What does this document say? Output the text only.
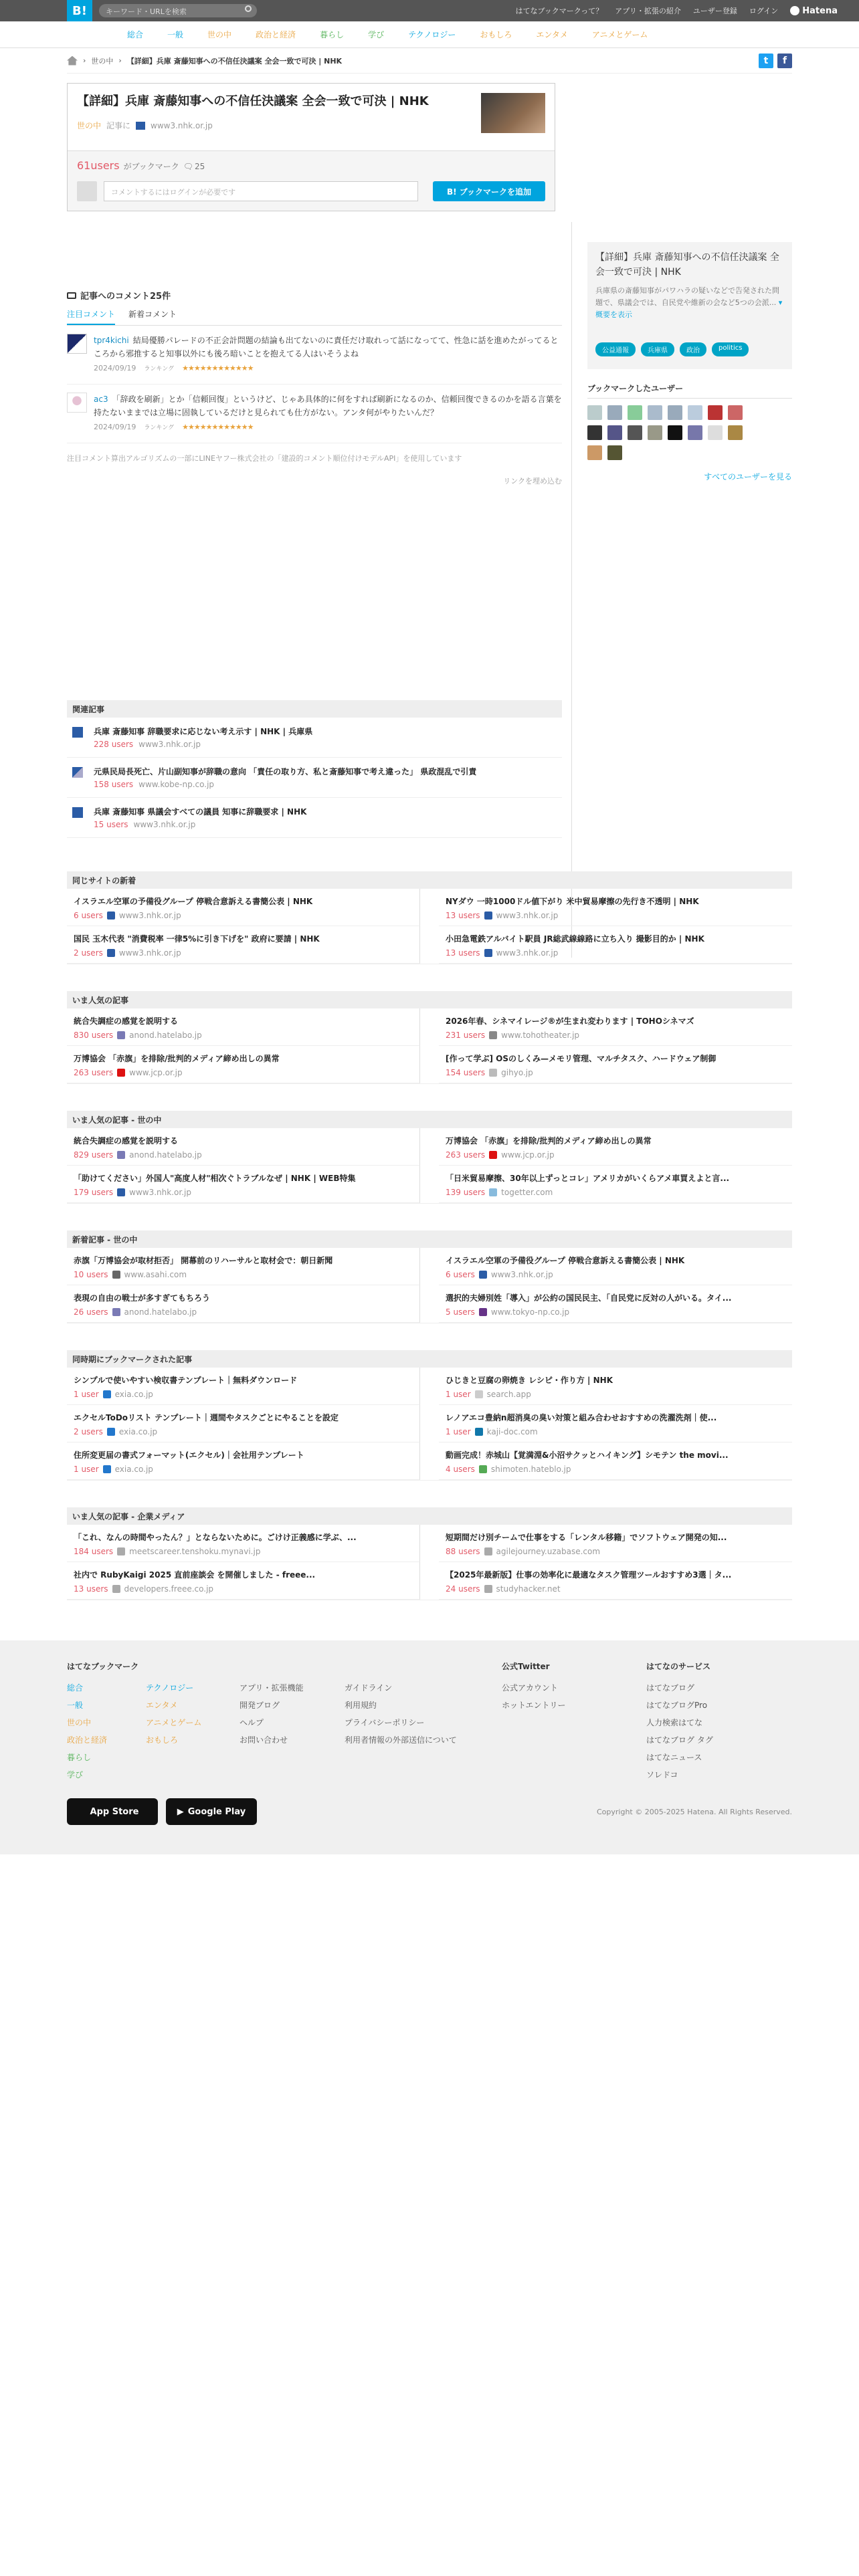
B!	キーワード・URLを検索	はてなブックマークって？ アプリ・拡張の紹介 ユーザー登録 ログイン	Hatena
総合	一般	世の中	政治と経済	暮らし	学び	テクノロジー	おもしろ	エンタメ	アニメとゲーム
› 世の中 › 【詳細】兵庫 斎藤知事への不信任決議案 全会一致で可決 | NHK	t	f
【詳細】兵庫 斎藤知事への不信任決議案 全会一致で可決 | NHK
世の中 記事に	www3.nhk.or.jp
61users がブックマーク 🗨 25
コメントするにはログインが必要です	B! ブックマークを追加
記事へのコメント25件
注目コメント 新着コメント
tpr4kichi 結局優勝パレードの不正会計問題の結論も出てないのに責任だけ取れって話になってて、性急に話を進めたがってるところから邪推すると知事以外にも後ろ暗いことを抱えてる人はいそうよね
2024/09/19 ランキング ★★★★★★★★★★★★
ac3 「辞政を刷新」とか「信頼回復」というけど、じゃあ具体的に何をすれば刷新になるのか、信頼回復できるのかを語る言葉を持たないままでは立場に固執しているだけと見られても仕方がない。アンタ何がやりたいんだ？
2024/09/19 ランキング ★★★★★★★★★★★★
注目コメント算出アルゴリズムの一部にLINEヤフー株式会社の「建設的コメント順位付けモデルAPI」を使用しています
リンクを埋め込む
関連記事
兵庫 斎藤知事 辞職要求に応じない考え示す | NHK | 兵庫県
228 users www3.nhk.or.jp
元県民局長死亡、片山副知事が辞職の意向 「責任の取り方、私と斎藤知事で考え違った」 県政混乱で引責
158 users www.kobe-np.co.jp
兵庫 斎藤知事 県議会すべての議員 知事に辞職要求 | NHK
15 users www3.nhk.or.jp
【詳細】兵庫 斎藤知事への不信任決議案 全会一致で可決 | NHK
兵庫県の斎藤知事がパワハラの疑いなどで告発された問題で、県議会では、自民党や維新の会など5つの会派... ▾ 概要を表示
公益通報	兵庫県	政治	politics
ブックマークしたユーザー
すべてのユーザーを見る
同じサイトの新着
イスラエル空軍の予備役グループ 停戦合意訴える書簡公表 | NHK
6 users www3.nhk.or.jp
NYダウ 一時1000ドル値下がり 米中貿易摩擦の先行き不透明 | NHK
13 users www3.nhk.or.jp
国民 玉木代表 "消費税率 一律5%に引き下げを" 政府に要請 | NHK
2 users www3.nhk.or.jp
小田急電鉄アルバイト駅員 JR総武線線路に立ち入り 撮影目的か | NHK
13 users www3.nhk.or.jp
いま人気の記事
統合失調症の感覚を説明する
830 users anond.hatelabo.jp
2026年春、シネマイレージ®が生まれ変わります | TOHOシネマズ
231 users www.tohotheater.jp
万博協会 「赤旗」を排除/批判的メディア締め出しの異常
263 users www.jcp.or.jp
[作って学ぶ] OSのしくみ—メモリ管理、マルチタスク、ハードウェア制御
154 users gihyo.jp
いま人気の記事 - 世の中
統合失調症の感覚を説明する
829 users anond.hatelabo.jp
万博協会 「赤旗」を排除/批判的メディア締め出しの異常
263 users www.jcp.or.jp
「助けてください」外国人"高度人材"相次ぐトラブルなぜ | NHK | WEB特集
179 users www3.nhk.or.jp
「日米貿易摩擦、30年以上ずっとコレ」アメリカがいくらアメ車買えよと言...
139 users togetter.com
新着記事 - 世の中
赤旗「万博協会が取材拒否」 開幕前のリハーサルと取材会で：朝日新聞
10 users www.asahi.com
イスラエル空軍の予備役グループ 停戦合意訴える書簡公表 | NHK
6 users www3.nhk.or.jp
表現の自由の戦士が多すぎてもちろう
26 users anond.hatelabo.jp
選択的夫婦別姓「導入」が公約の国民民主、「自民党に反対の人がいる。タイ...
5 users www.tokyo-np.co.jp
同時期にブックマークされた記事
シンプルで使いやすい検収書テンプレート｜無料ダウンロード
1 user exia.co.jp
ひじきと豆腐の卵焼き レシピ・作り方 | NHK
1 user search.app
エクセルToDoリスト テンプレート｜週間やタスクごとにやることを設定
2 users exia.co.jp
レノアエコ豊納n超消臭の臭い対策と組み合わせおすすめの洗濯洗剤｜使...
1 user kaji-doc.com
住所変更届の書式フォーマット(エクセル)｜会社用テンプレート
1 user exia.co.jp
動画完成！赤城山【覚満淵&小沼サクッとハイキング】シモテン the movi...
4 users shimoten.hateblo.jp
いま人気の記事 - 企業メディア
「これ、なんの時間やったん？」とならないために。ごけけ正義感に学ぶ、...
184 users meetscareer.tenshoku.mynavi.jp
短期間だけ別チームで仕事をする「レンタル移籍」でソフトウェア開発の知...
88 users agilejourney.uzabase.com
社内で RubyKaigi 2025 直前座談会 を開催しました - freee...
13 users developers.freee.co.jp
【2025年最新版】仕事の効率化に最適なタスク管理ツールおすすめ3選｜タ...
24 users studyhacker.net
はてなブックマーク
総合
一般
世の中
政治と経済
暮らし
学び
テクノロジー
エンタメ
アニメとゲーム
おもしろ
アプリ・拡張機能
開発ブログ
ヘルプ
お問い合わせ
ガイドライン
利用規約
プライバシーポリシー
利用者情報の外部送信について
公式Twitter
公式アカウント
ホットエントリー
はてなのサービス
はてなブログ
はてなブログPro
人力検索はてな
はてなブログ タグ
はてなニュース
ソレドコ
App Store	▶ Google Play	Copyright © 2005-2025 Hatena. All Rights Reserved.
